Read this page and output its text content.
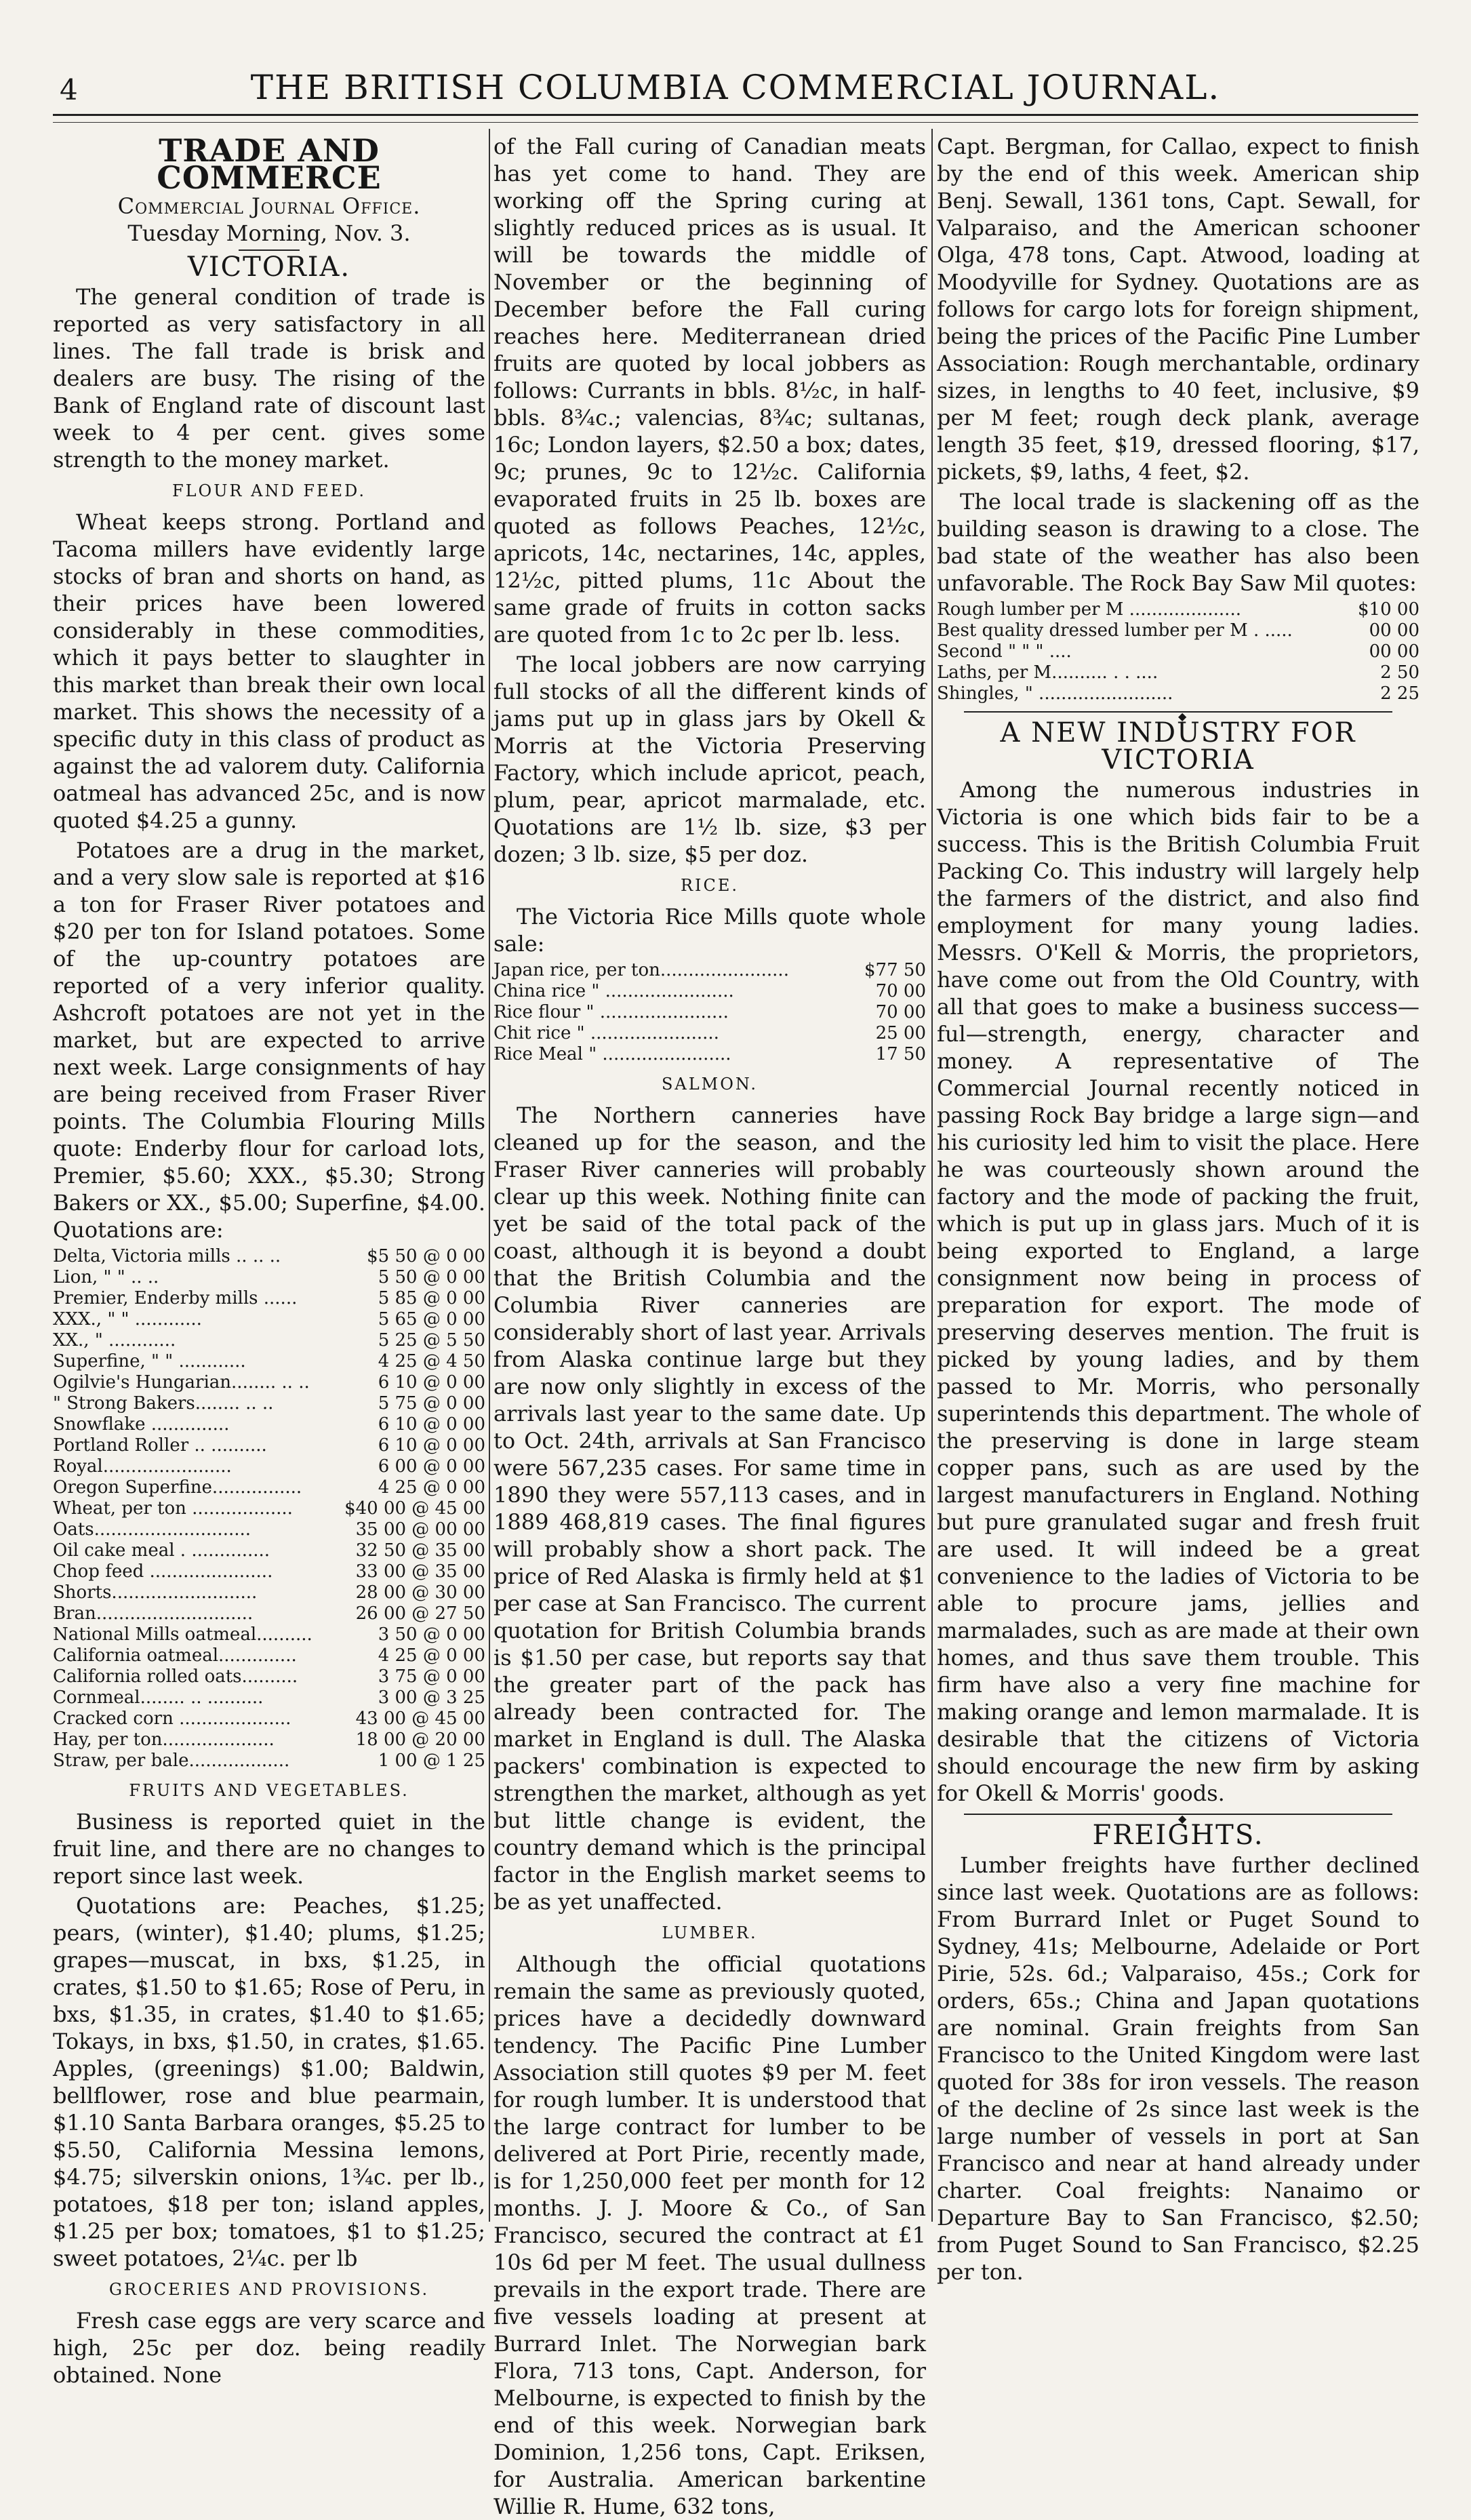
4	THE BRITISH COLUMBIA COMMERCIAL JOURNAL.
TRADE AND COMMERCE
Commercial Journal Office.
Tuesday Morning, Nov. 3.
VICTORIA.

The general condition of trade is reported as very satisfactory in all lines. The fall trade is brisk and dealers are busy. The rising of the Bank of England rate of discount last week to 4 per cent. gives some strength to the money market.

FLOUR AND FEED.

Wheat keeps strong. Portland and Tacoma millers have evidently large stocks of bran and shorts on hand, as their prices have been lowered considerably in these commodities, which it pays better to slaughter in this market than break their own local market. This shows the necessity of a specific duty in this class of product as against the ad valorem duty. California oatmeal has advanced 25c, and is now quoted $4.25 a gunny.

Potatoes are a drug in the market, and a very slow sale is reported at $16 a ton for Fraser River potatoes and $20 per ton for Island potatoes. Some of the up-country potatoes are reported of a very inferior quality. Ashcroft potatoes are not yet in the market, but are expected to arrive next week. Large consignments of hay are being received from Fraser River points. The Columbia Flouring Mills quote: Enderby flour for carload lots, Premier, $5.60; XXX., $5.30; Strong Bakers or XX., $5.00; Superfine, $4.00. Quotations are:

Delta, Victoria mills .. .. ..	$5 50 @ 0 00
Lion, " " .. ..	5 50 @ 0 00
Premier, Enderby mills ......	5 85 @ 0 00
XXX., " " ............	5 65 @ 0 00
XX., " ............	5 25 @ 5 50
Superfine, " " ............	4 25 @ 4 50
Ogilvie's Hungarian........ .. ..	6 10 @ 0 00
" Strong Bakers........ .. ..	5 75 @ 0 00
Snowflake ..............	6 10 @ 0 00
Portland Roller .. ..........	6 10 @ 0 00
Royal.......................	6 00 @ 0 00
Oregon Superfine................	4 25 @ 0 00
Wheat, per ton ..................	$40 00 @ 45 00
Oats............................	35 00 @ 00 00
Oil cake meal . ..............	32 50 @ 35 00
Chop feed ......................	33 00 @ 35 00
Shorts..........................	28 00 @ 30 00
Bran............................	26 00 @ 27 50
National Mills oatmeal..........	3 50 @ 0 00
California oatmeal..............	4 25 @ 0 00
California rolled oats..........	3 75 @ 0 00
Cornmeal........ .. ..........	3 00 @ 3 25
Cracked corn ....................	43 00 @ 45 00
Hay, per ton....................	18 00 @ 20 00
Straw, per bale..................	1 00 @ 1 25
FRUITS AND VEGETABLES.

Business is reported quiet in the fruit line, and there are no changes to report since last week.

Quotations are: Peaches, $1.25; pears, (winter), $1.40; plums, $1.25; grapes—muscat, in bxs, $1.25, in crates, $1.50 to $1.65; Rose of Peru, in bxs, $1.35, in crates, $1.40 to $1.65; Tokays, in bxs, $1.50, in crates, $1.65. Apples, (greenings) $1.00; Baldwin, bellflower, rose and blue pearmain, $1.10 Santa Barbara oranges, $5.25 to $5.50, California Messina lemons, $4.75; silverskin onions, 1¾c. per lb., potatoes, $18 per ton; island apples, $1.25 per box; tomatoes, $1 to $1.25; sweet potatoes, 2¼c. per lb

GROCERIES AND PROVISIONS.

Fresh case eggs are very scarce and high, 25c per doz. being readily obtained. None

of the Fall curing of Canadian meats has yet come to hand. They are working off the Spring curing at slightly reduced prices as is usual. It will be towards the middle of November or the beginning of December before the Fall curing reaches here. Mediterranean dried fruits are quoted by local jobbers as follows: Currants in bbls. 8½c, in half-bbls. 8¾c.; valencias, 8¾c; sultanas, 16c; London layers, $2.50 a box; dates, 9c; prunes, 9c to 12½c. California evaporated fruits in 25 lb. boxes are quoted as follows Peaches, 12½c, apricots, 14c, nectarines, 14c, apples, 12½c, pitted plums, 11c About the same grade of fruits in cotton sacks are quoted from 1c to 2c per lb. less.

The local jobbers are now carrying full stocks of all the different kinds of jams put up in glass jars by Okell & Morris at the Victoria Preserving Factory, which include apricot, peach, plum, pear, apricot marmalade, etc. Quotations are 1½ lb. size, $3 per dozen; 3 lb. size, $5 per doz.

RICE.

The Victoria Rice Mills quote whole sale:

Japan rice, per ton.......................	$77 50
China rice " .......................	70 00
Rice flour " .......................	70 00
Chit rice " .......................	25 00
Rice Meal " .......................	17 50
SALMON.

The Northern canneries have cleaned up for the season, and the Fraser River canneries will probably clear up this week. Nothing finite can yet be said of the total pack of the coast, although it is beyond a doubt that the British Columbia and the Columbia River canneries are considerably short of last year. Arrivals from Alaska continue large but they are now only slightly in excess of the arrivals last year to the same date. Up to Oct. 24th, arrivals at San Francisco were 567,235 cases. For same time in 1890 they were 557,113 cases, and in 1889 468,819 cases. The final figures will probably show a short pack. The price of Red Alaska is firmly held at $1 per case at San Francisco. The current quotation for British Columbia brands is $1.50 per case, but reports say that the greater part of the pack has already been contracted for. The market in England is dull. The Alaska packers' combination is expected to strengthen the market, although as yet but little change is evident, the country demand which is the principal factor in the English market seems to be as yet unaffected.

LUMBER.

Although the official quotations remain the same as previously quoted, prices have a decidedly downward tendency. The Pacific Pine Lumber Association still quotes $9 per M. feet for rough lumber. It is understood that the large contract for lumber to be delivered at Port Pirie, recently made, is for 1,250,000 feet per month for 12 months. J. J. Moore & Co., of San Francisco, secured the contract at £1 10s 6d per M feet. The usual dullness prevails in the export trade. There are five vessels loading at present at Burrard Inlet. The Norwegian bark Flora, 713 tons, Capt. Anderson, for Melbourne, is expected to finish by the end of this week. Norwegian bark Dominion, 1,256 tons, Capt. Eriksen, for Australia. American barkentine Willie R. Hume, 632 tons,

Capt. Bergman, for Callao, expect to finish by the end of this week. American ship Benj. Sewall, 1361 tons, Capt. Sewall, for Valparaiso, and the American schooner Olga, 478 tons, Capt. Atwood, loading at Moodyville for Sydney. Quotations are as follows for cargo lots for foreign shipment, being the prices of the Pacific Pine Lumber Association: Rough merchantable, ordinary sizes, in lengths to 40 feet, inclusive, $9 per M feet; rough deck plank, average length 35 feet, $19, dressed flooring, $17, pickets, $9, laths, 4 feet, $2.

The local trade is slackening off as the building season is drawing to a close. The bad state of the weather has also been unfavorable. The Rock Bay Saw Mil quotes:

Rough lumber per M ....................	$10 00
Best quality dressed lumber per M . .....	00 00
Second " " " ....	00 00
Laths, per M.......... . . ....	2 50
Shingles, " ........................	2 25
◆
A NEW INDUSTRY FOR VICTORIA

Among the numerous industries in Victoria is one which bids fair to be a success. This is the British Columbia Fruit Packing Co. This industry will largely help the farmers of the district, and also find employment for many young ladies. Messrs. O'Kell & Morris, the proprietors, have come out from the Old Country, with all that goes to make a business success—ful—strength, energy, character and money. A representative of The Commercial Journal recently noticed in passing Rock Bay bridge a large sign—and his curiosity led him to visit the place. Here he was courteously shown around the factory and the mode of packing the fruit, which is put up in glass jars. Much of it is being exported to England, a large consignment now being in process of preparation for export. The mode of preserving deserves mention. The fruit is picked by young ladies, and by them passed to Mr. Morris, who personally superintends this department. The whole of the preserving is done in large steam copper pans, such as are used by the largest manufacturers in England. Nothing but pure granulated sugar and fresh fruit are used. It will indeed be a great convenience to the ladies of Victoria to be able to procure jams, jellies and marmalades, such as are made at their own homes, and thus save them trouble. This firm have also a very fine machine for making orange and lemon marmalade. It is desirable that the citizens of Victoria should encourage the new firm by asking for Okell & Morris' goods.

◆
FREIGHTS.

Lumber freights have further declined since last week. Quotations are as follows: From Burrard Inlet or Puget Sound to Sydney, 41s; Melbourne, Adelaide or Port Pirie, 52s. 6d.; Valparaiso, 45s.; Cork for orders, 65s.; China and Japan quotations are nominal. Grain freights from San Francisco to the United Kingdom were last quoted for 38s for iron vessels. The reason of the decline of 2s since last week is the large number of vessels in port at San Francisco and near at hand already under charter. Coal freights: Nanaimo or Departure Bay to San Francisco, $2.50; from Puget Sound to San Francisco, $2.25 per ton.
